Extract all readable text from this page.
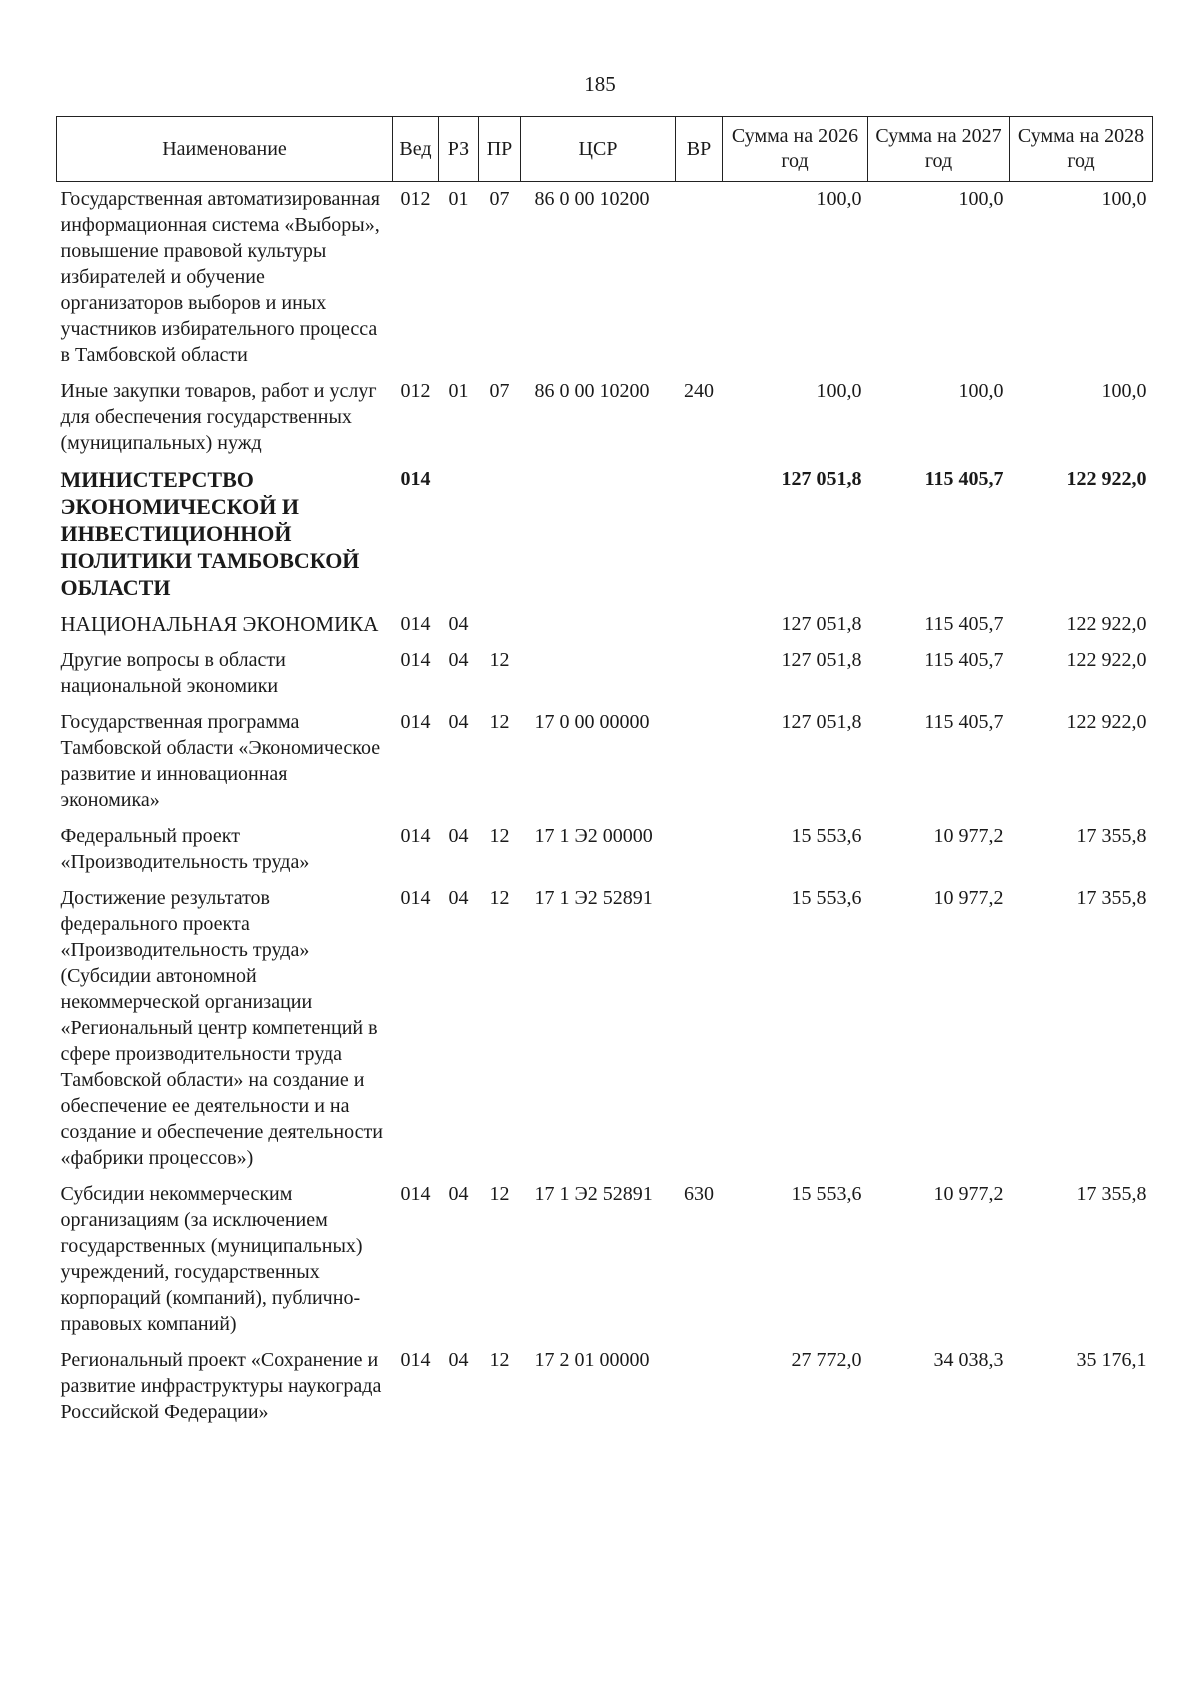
185
Наименование	Вед	РЗ	ПР	ЦСР	ВР	Сумма на 2026 год	Сумма на 2027 год	Сумма на 2028 год
Государственная автоматизированная информационная система «Выборы», повышение правовой культуры избирателей и обучение организаторов выборов и иных участников избирательного процесса в Тамбовской области	012	01	07	86 0 00 10200		100,0	100,0	100,0
Иные закупки товаров, работ и услуг для обеспечения государственных (муниципальных) нужд	012	01	07	86 0 00 10200	240	100,0	100,0	100,0
МИНИСТЕРСТВО ЭКОНОМИЧЕСКОЙ И ИНВЕСТИЦИОННОЙ ПОЛИТИКИ ТАМБОВСКОЙ ОБЛАСТИ	014					127 051,8	115 405,7	122 922,0
НАЦИОНАЛЬНАЯ ЭКОНОМИКА	014	04				127 051,8	115 405,7	122 922,0
Другие вопросы в области национальной экономики	014	04	12			127 051,8	115 405,7	122 922,0
Государственная программа Тамбовской области «Экономическое развитие и инновационная экономика»	014	04	12	17 0 00 00000		127 051,8	115 405,7	122 922,0
Федеральный проект «Производительность труда»	014	04	12	17 1 Э2 00000		15 553,6	10 977,2	17 355,8
Достижение результатов федерального проекта «Производительность труда» (Субсидии автономной некоммерческой организации «Региональный центр компетенций в сфере производительности труда Тамбовской области» на создание и обеспечение ее деятельности и на создание и обеспечение деятельности «фабрики процессов»)	014	04	12	17 1 Э2 52891		15 553,6	10 977,2	17 355,8
Субсидии некоммерческим организациям (за исключением государственных (муниципальных) учреждений, государственных корпораций (компаний), публично-правовых компаний)	014	04	12	17 1 Э2 52891	630	15 553,6	10 977,2	17 355,8
Региональный проект «Сохранение и развитие инфраструктуры наукограда Российской Федерации»	014	04	12	17 2 01 00000		27 772,0	34 038,3	35 176,1
